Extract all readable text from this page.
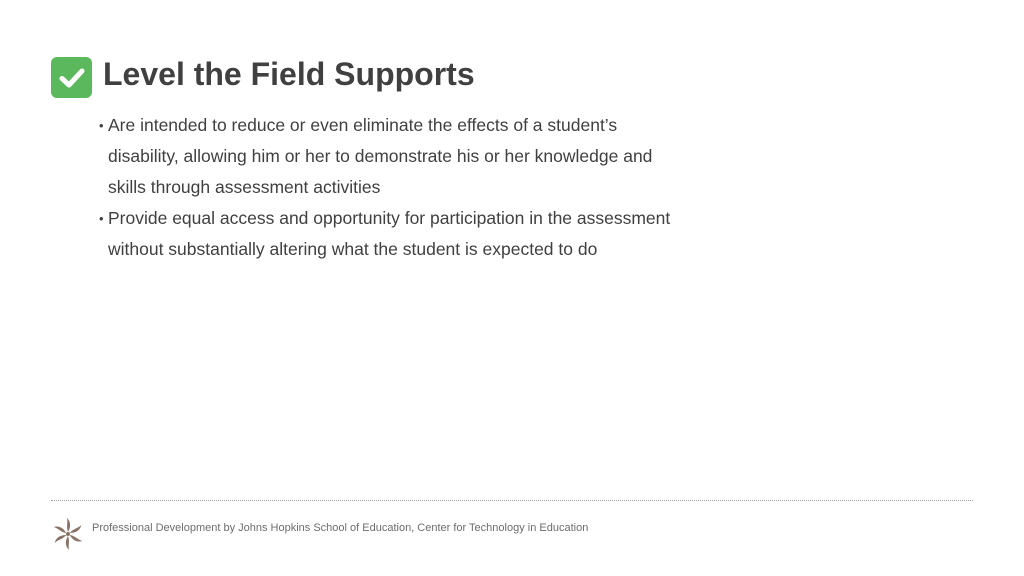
Level the Field Supports
• Are intended to reduce or even eliminate the effects of a student’s
disability, allowing him or her to demonstrate his or her knowledge and
skills through assessment activities
• Provide equal access and opportunity for participation in the assessment
without substantially altering what the student is expected to do
Professional Development by Johns Hopkins School of Education, Center for Technology in Education
